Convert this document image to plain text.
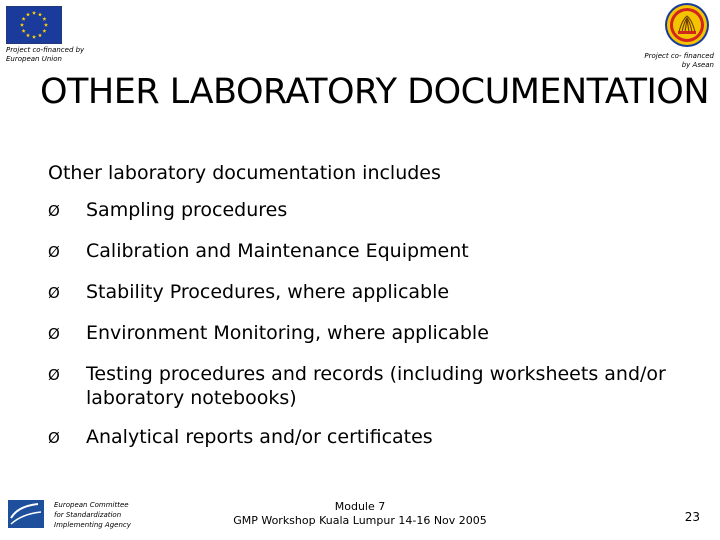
Project co-financed by
European Union	Project co- financed
by Asean
OTHER LABORATORY DOCUMENTATION
Other laboratory documentation includes
Ø	Sampling procedures
Ø	Calibration and Maintenance Equipment
Ø	Stability Procedures, where applicable
Ø	Environment Monitoring, where applicable
Ø	Testing procedures and records (including worksheets and/or laboratory notebooks)
Ø	Analytical reports and/or certificates
European Committee
for Standardization
Implementing Agency
Module 7
GMP Workshop Kuala Lumpur 14-16 Nov 2005	23
